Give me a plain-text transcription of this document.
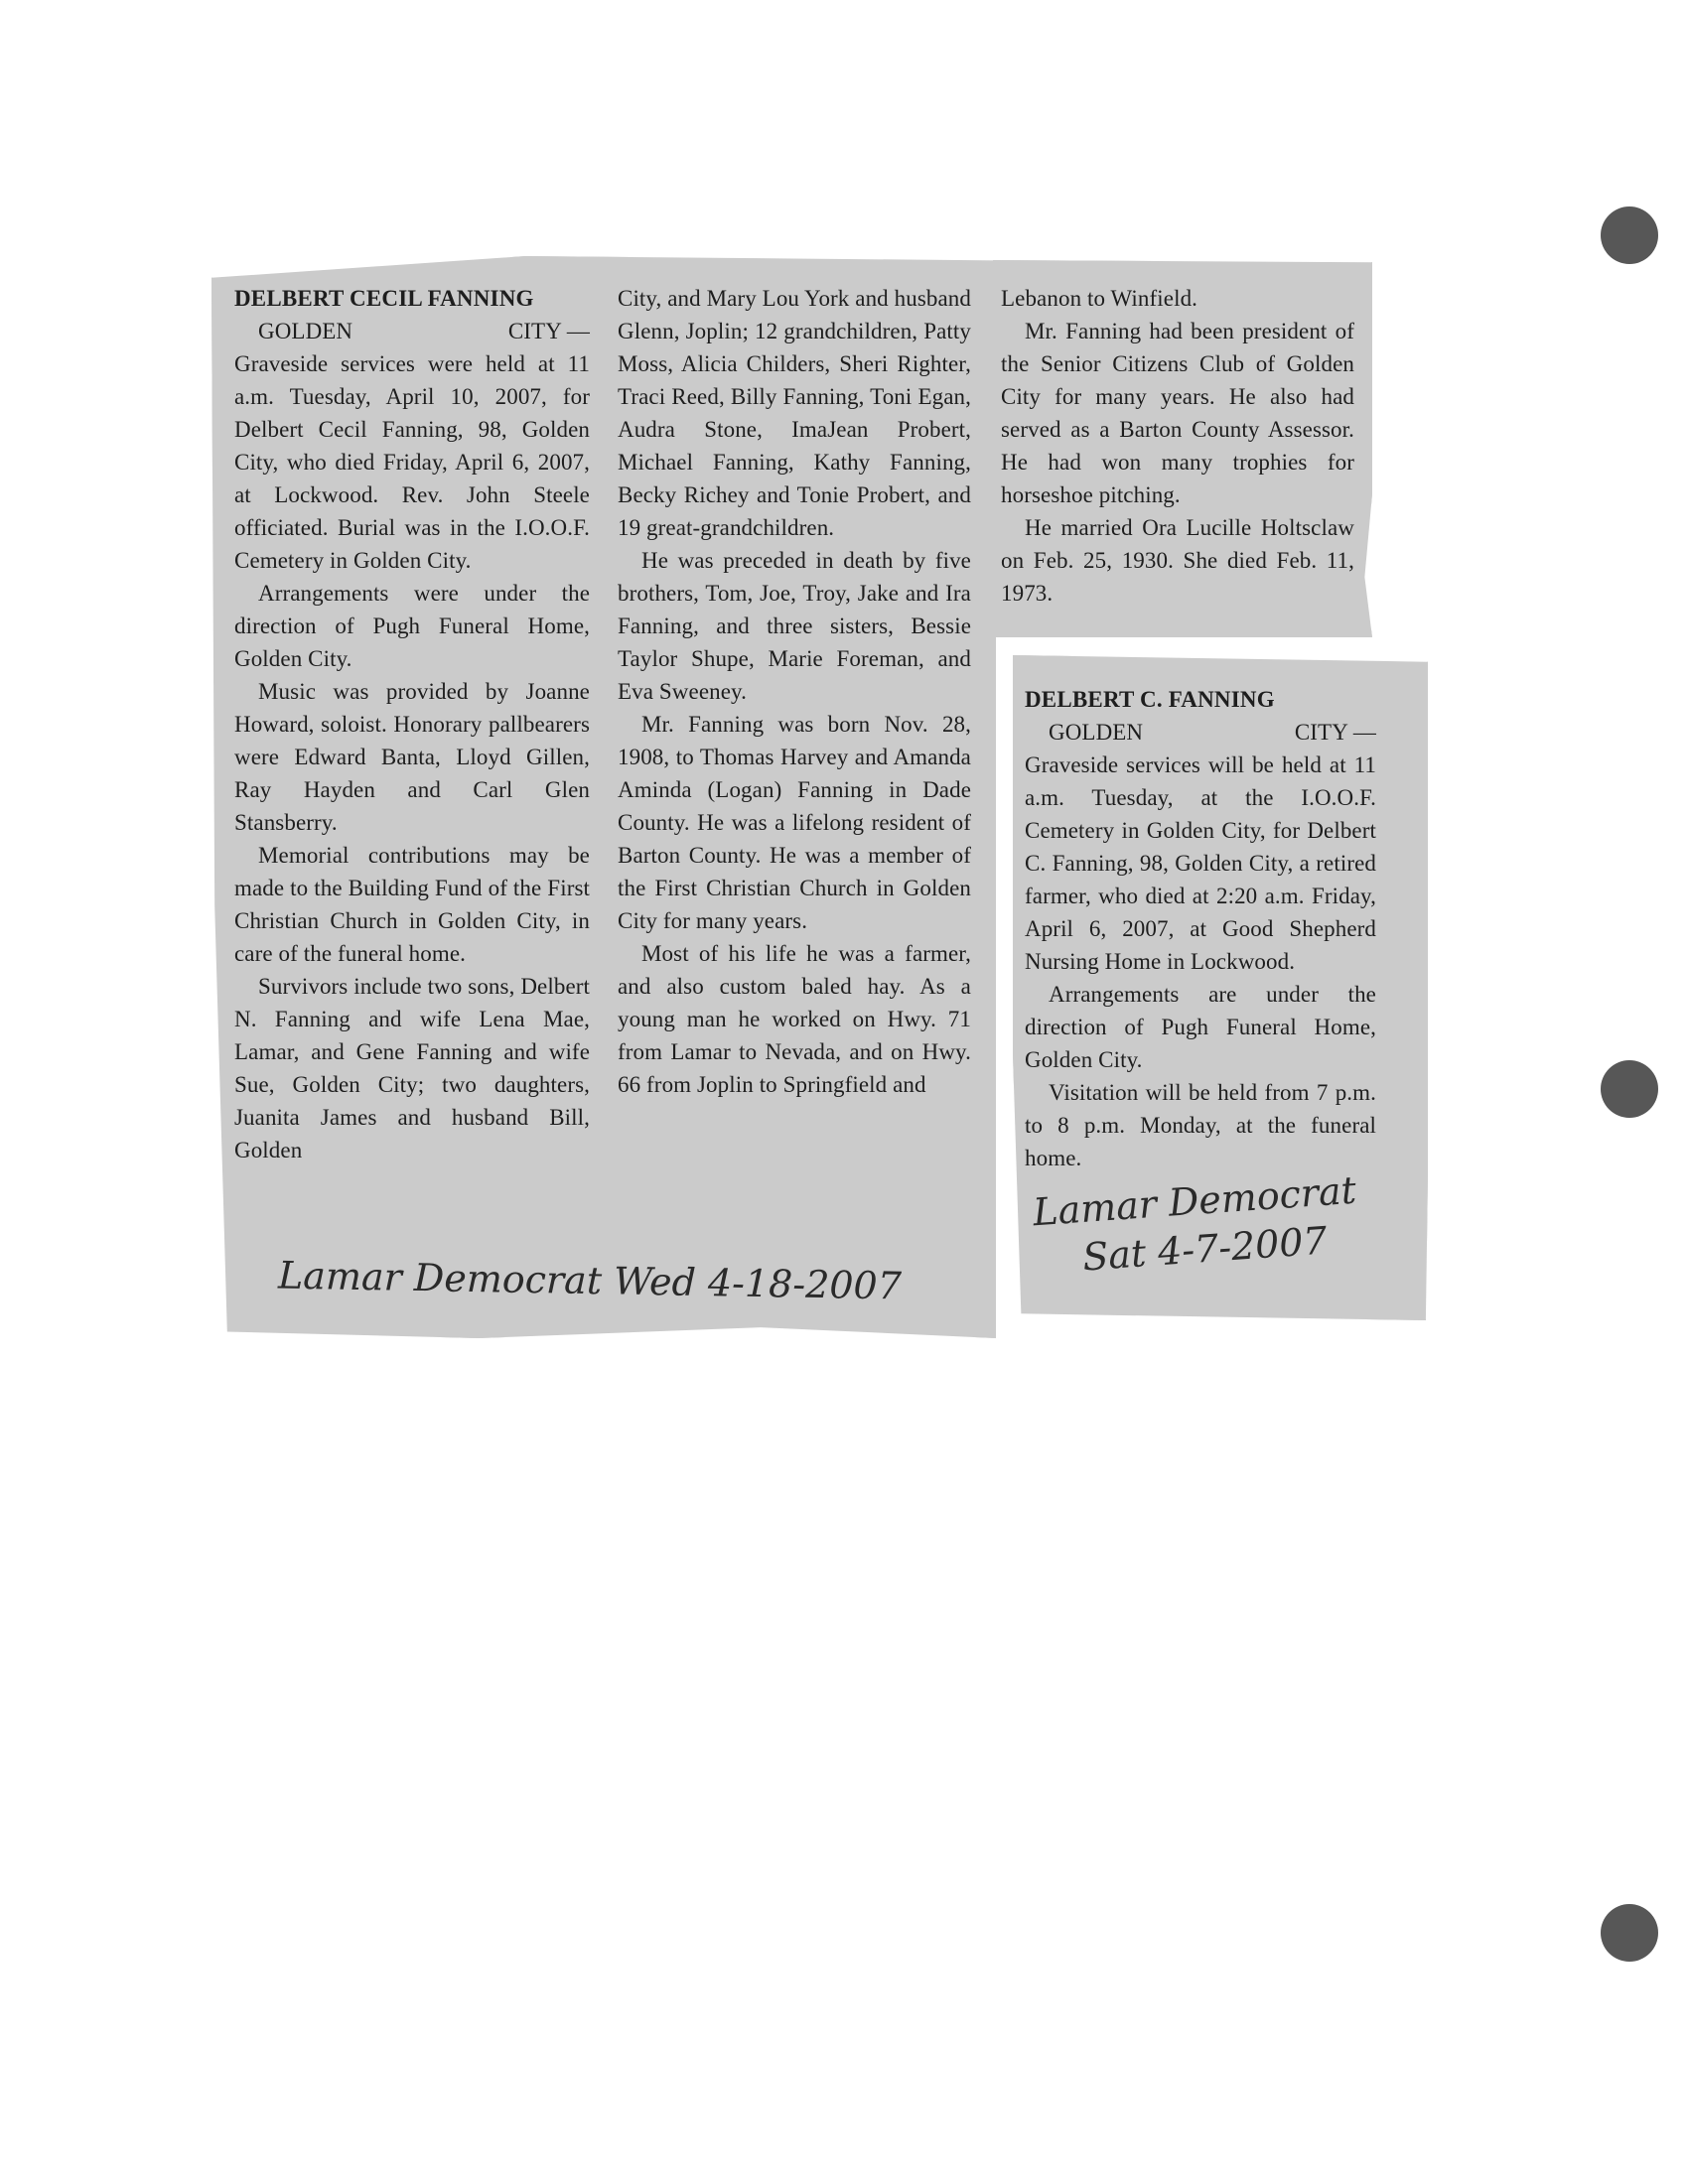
DELBERT CECIL FANNING

GOLDEN	CITY —

Graveside services were held at 11 a.m. Tuesday, April 10, 2007, for Delbert Cecil Fanning, 98, Golden City, who died Friday, April 6, 2007, at Lockwood. Rev. John Steele officiated. Burial was in the I.O.O.F. Cemetery in Golden City.

Arrangements were under the direction of Pugh Funeral Home, Golden City.

Music was provided by Joanne Howard, soloist. Honorary pallbearers were Edward Banta, Lloyd Gillen, Ray Hayden and Carl Glen Stansberry.

Memorial contributions may be made to the Building Fund of the First Christian Church in Golden City, in care of the funeral home.

Survivors include two sons, Delbert N. Fanning and wife Lena Mae, Lamar, and Gene Fanning and wife Sue, Golden City; two daughters, Juanita James and husband Bill, Golden

City, and Mary Lou York and husband Glenn, Joplin; 12 grandchildren, Patty Moss, Alicia Childers, Sheri Righter, Traci Reed, Billy Fanning, Toni Egan, Audra Stone, ImaJean Probert, Michael Fanning, Kathy Fanning, Becky Richey and Tonie Probert, and 19 great-grandchildren.

He was preceded in death by five brothers, Tom, Joe, Troy, Jake and Ira Fanning, and three sisters, Bessie Taylor Shupe, Marie Foreman, and Eva Sweeney.

Mr. Fanning was born Nov. 28, 1908, to Thomas Harvey and Amanda Aminda (Logan) Fanning in Dade County. He was a lifelong resident of Barton County. He was a member of the First Christian Church in Golden City for many years.

Most of his life he was a farmer, and also custom baled hay. As a young man he worked on Hwy. 71 from Lamar to Nevada, and on Hwy. 66 from Joplin to Springfield and

Lebanon to Winfield.

Mr. Fanning had been president of the Senior Citizens Club of Golden City for many years. He also had served as a Barton County Assessor. He had won many trophies for horseshoe pitching.

He married Ora Lucille Holtsclaw on Feb. 25, 1930. She died Feb. 11, 1973.

Lamar Democrat Wed 4-18-2007

DELBERT C. FANNING

GOLDEN	CITY —

Graveside services will be held at 11 a.m. Tuesday, at the I.O.O.F. Cemetery in Golden City, for Delbert C. Fanning, 98, Golden City, a retired farmer, who died at 2:20 a.m. Friday, April 6, 2007, at Good Shepherd Nursing Home in Lockwood.

Arrangements are under the direction of Pugh Funeral Home, Golden City.

Visitation will be held from 7 p.m. to 8 p.m. Monday, at the funeral home.

Lamar Democrat
Sat 4-7-2007
